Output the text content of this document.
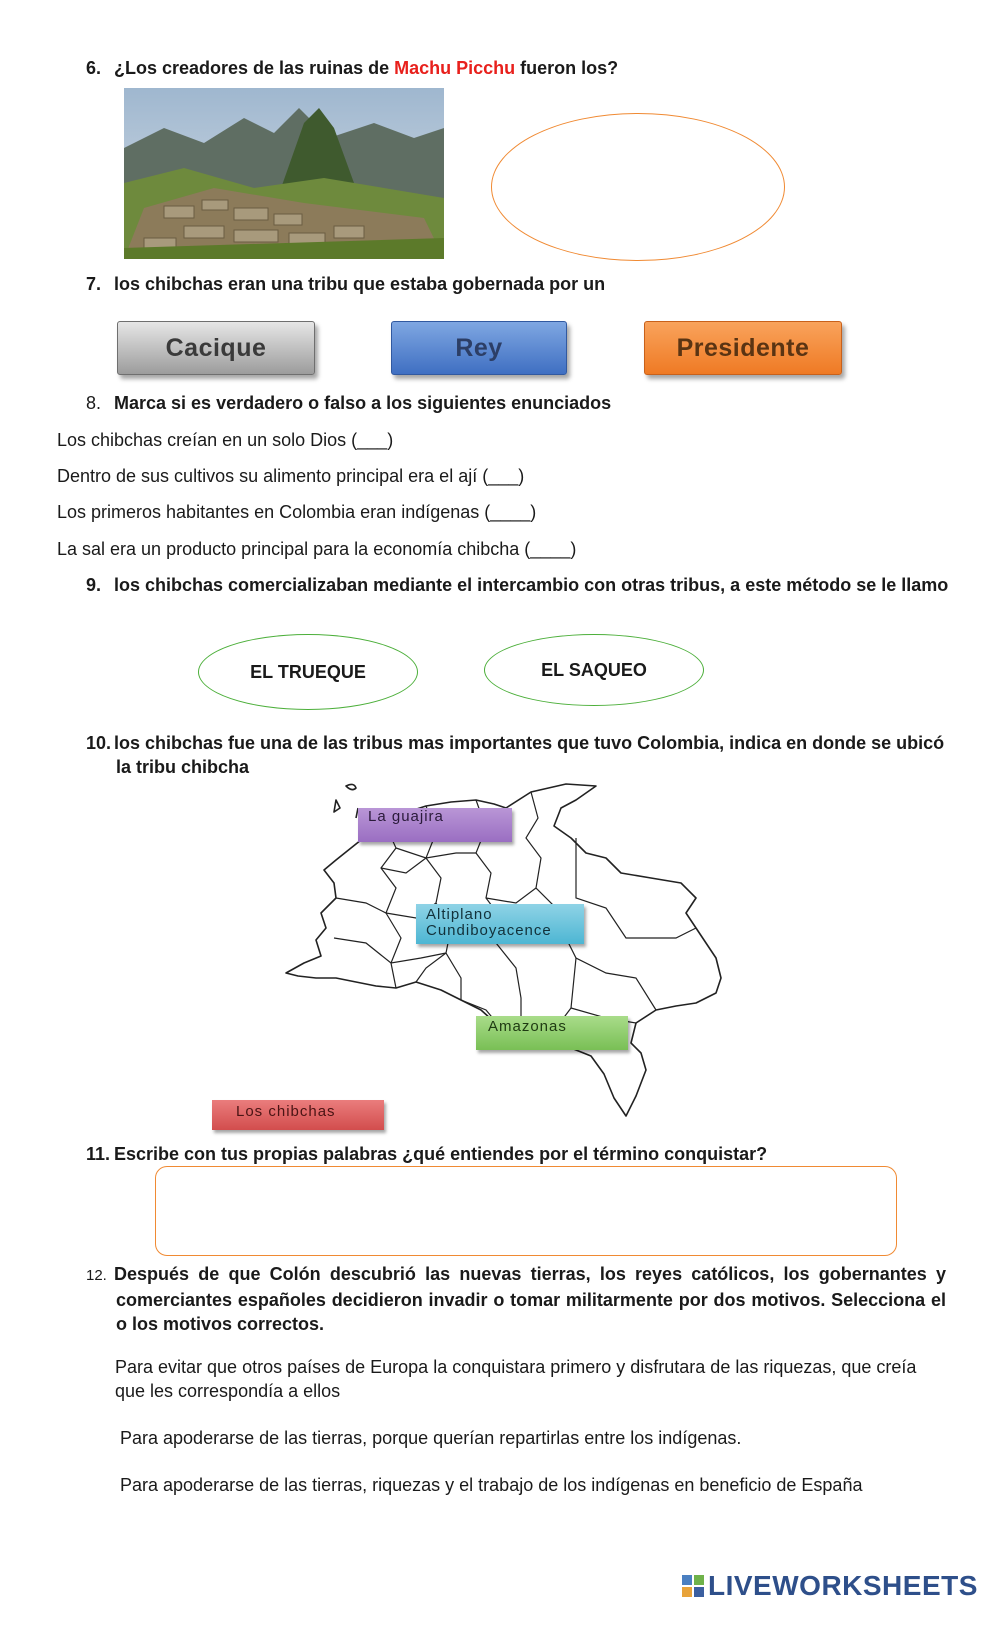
6. ¿Los creadores de las ruinas de Machu Picchu fueron los?
7. los chibchas eran una tribu que estaba gobernada por un
Cacique	Rey	Presidente
8. Marca si es verdadero o falso a los siguientes enunciados
Los chibchas creían en un solo Dios (___)
Dentro de sus cultivos su alimento principal era el ají (___)
Los primeros habitantes en Colombia eran indígenas (____)
La sal era un producto principal para la economía chibcha (____)
9. los chibchas comercializaban mediante el intercambio con otras tribus, a este método se le llamo
EL TRUEQUE	EL SAQUEO
10. los chibchas fue una de las tribus mas importantes que tuvo Colombia, indica en donde se ubicó la tribu chibcha
La guajira
Altiplano
Cundiboyacence
Amazonas
Los chibchas
11. Escribe con tus propias palabras ¿qué entiendes por el término conquistar?
12. Después de que Colón descubrió las nuevas tierras, los reyes católicos, los gobernantes y comerciantes españoles decidieron invadir o tomar militarmente por dos motivos. Selecciona el o los motivos correctos.
Para evitar que otros países de Europa la conquistara primero y disfrutara de las riquezas, que creía que les correspondía a ellos
Para apoderarse de las tierras, porque querían repartirlas entre los indígenas.
Para apoderarse de las tierras, riquezas y el trabajo de los indígenas en beneficio de España
LIVEWORKSHEETS
